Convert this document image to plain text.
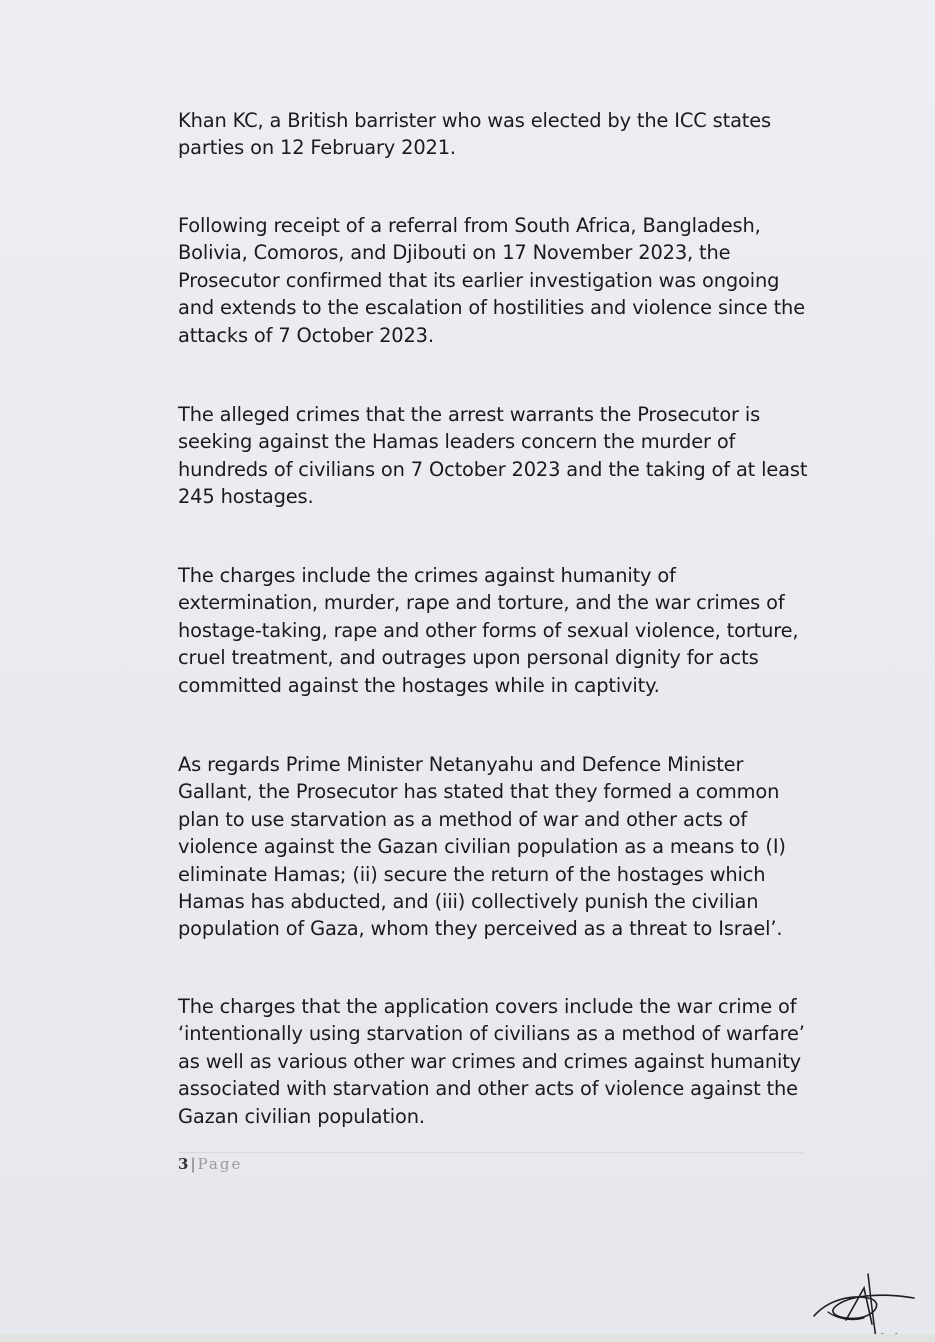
Khan KC, a British barrister who was elected by the ICC states parties on 12 February 2021.

Following receipt of a referral from South Africa, Bangladesh, Bolivia, Comoros, and Djibouti on 17 November 2023, the Prosecutor confirmed that its earlier investigation was ongoing and extends to the escalation of hostilities and violence since the attacks of 7 October 2023.

The alleged crimes that the arrest warrants the Prosecutor is seeking against the Hamas leaders concern the murder of hundreds of civilians on 7 October 2023 and the taking of at least 245 hostages.

The charges include the crimes against humanity of extermination, murder, rape and torture, and the war crimes of hostage-taking, rape and other forms of sexual violence, torture, cruel treatment, and outrages upon personal dignity for acts committed against the hostages while in captivity.

As regards Prime Minister Netanyahu and Defence Minister Gallant, the Prosecutor has stated that they formed a common plan to use starvation as a method of war and other acts of violence against the Gazan civilian population as a means to (I) eliminate Hamas; (ii) secure the return of the hostages which Hamas has abducted, and (iii) collectively punish the civilian population of Gaza, whom they perceived as a threat to Israel’.

The charges that the application covers include the war crime of ‘intentionally using starvation of civilians as a method of warfare’ as well as various other war crimes and crimes against humanity associated with starvation and other acts of violence against the Gazan civilian population.

3 | Page
